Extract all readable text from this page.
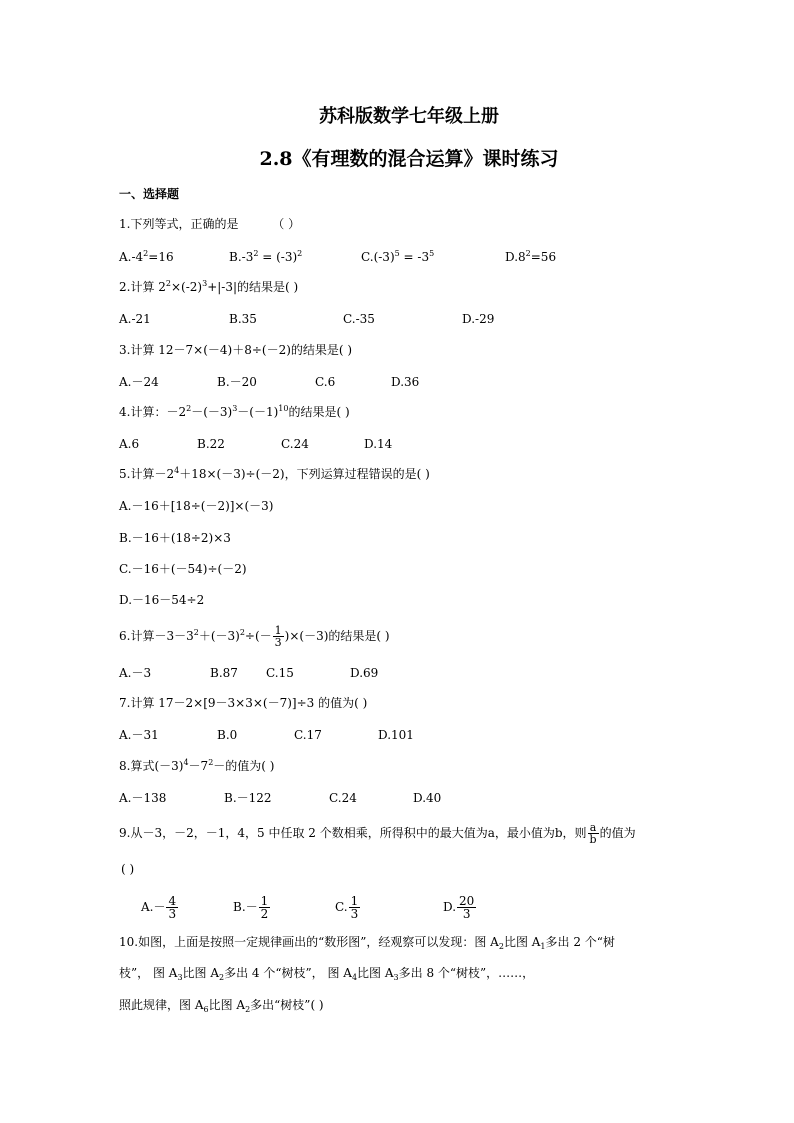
苏科版数学七年级上册
2.8《有理数的混合运算》课时练习
一、选择题
1.下列等式，正确的是	（ ）
$A.-4^2=16$	$B.-3^2 = (-3)^2$	$C.(-3)^5 = -3^5$	$D.8^2=56$
2.计算 $2^2\times(-2)^3+|-3|$的结果是( )
A.-21	B.35	C.-35	D.-29
3.计算 12－7×(－4)＋8÷(－2)的结果是( )
A.－24	B.－20	C.6	D.36
4.计算：$-2^2-(-3)^3-(-1)^{10}$的结果是( )
A.6	B.22	C.24	D.14
5.计算$-2^4+18\times(-3)\div(-2)$，下列运算过程错误的是( )
A.－16＋[18÷(－2)]×(－3)
B.－16＋(18÷2)×3
C.－16＋(－54)÷(－2)
D.－16－54÷2
6.计算$-3-3^2+(-3)^2\div(- \frac{1}{3} )\times(-3)$的结果是( )
A.－3	B.87 C.15	D.69
7.计算 17－2×[9－3×3×(－7)]÷3 的值为( )
A.－31	B.0	C.17	D.101
8.算式$(-3)^4-7^2-$的值为( )
A.－138	B.－122	C.24	D.40
9.从－3，－2，－1，4，5 中任取 2 个数相乘，所得积中的最大值为a，最小值为b，则 $\frac{a}{b}$ 的值为
( )
$A.- \frac{4}{3}$	$B.- \frac{1}{2}$	C. $\frac{1}{3}$	D. $\frac{20}{3}$
10.如图，上面是按照一定规律画出的“数形图”，经观察可以发现：图 $A_2$比图 $A_1$多出 2 个“树
枝”， 图 $A_3$比图 $A_2$多出 4 个“树枝”， 图 $A_4$比图 $A_3$多出 8 个“树枝”，……，
照此规律，图 $A_6$比图 $A_2$多出“树枝”( )
